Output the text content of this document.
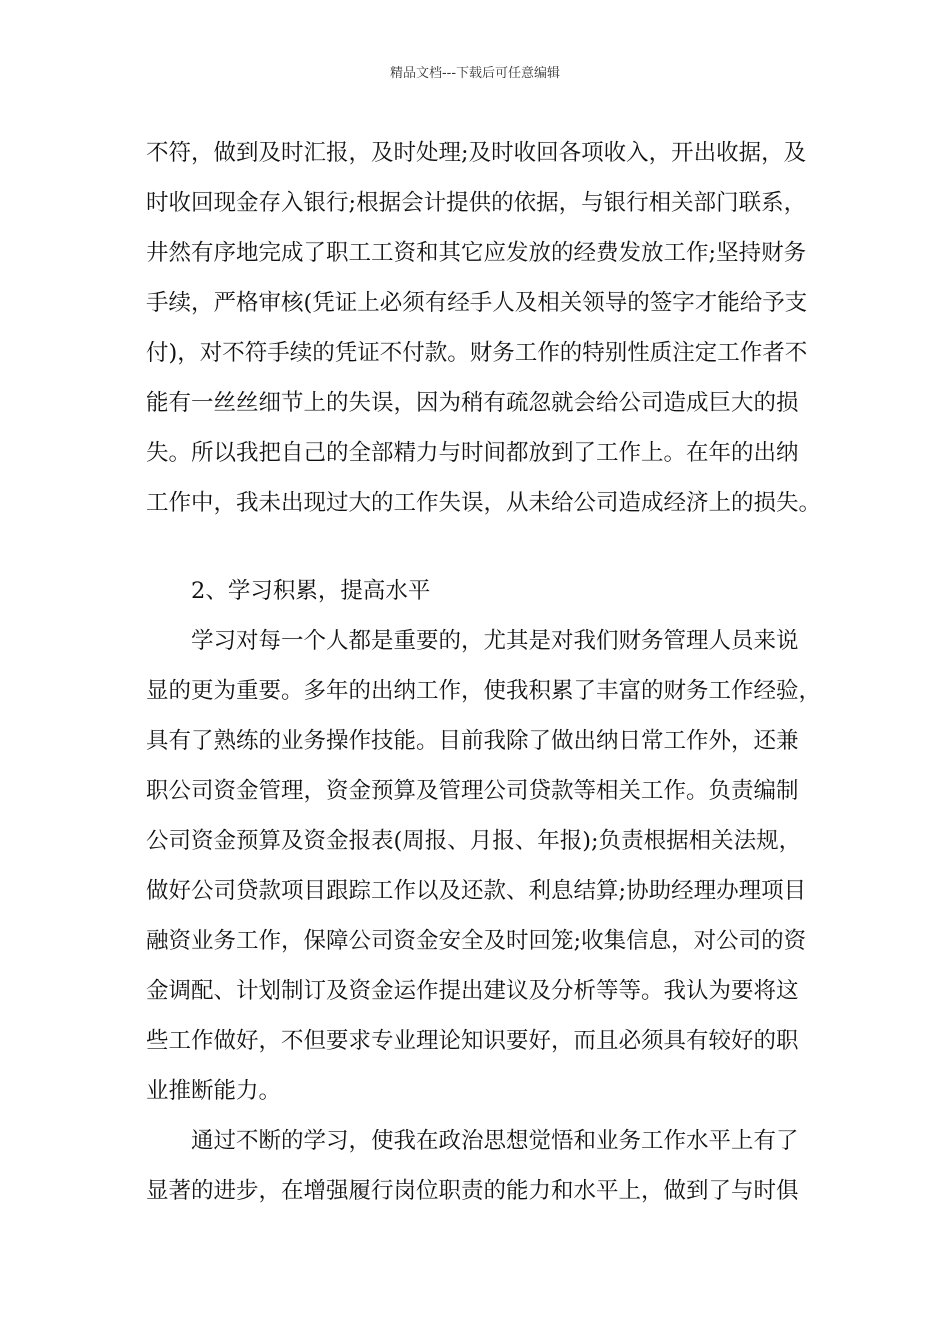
精品文档---下载后可任意编辑
不符，做到及时汇报，及时处理;及时收回各项收入，开出收据，及
时收回现金存入银行;根据会计提供的依据，与银行相关部门联系，
井然有序地完成了职工工资和其它应发放的经费发放工作;坚持财务
手续，严格审核(凭证上必须有经手人及相关领导的签字才能给予支
付)，对不符手续的凭证不付款。财务工作的特别性质注定工作者不
能有一丝丝细节上的失误，因为稍有疏忽就会给公司造成巨大的损
失。所以我把自己的全部精力与时间都放到了工作上。在年的出纳
工作中，我未出现过大的工作失误，从未给公司造成经济上的损失。
2、学习积累，提高水平
学习对每一个人都是重要的，尤其是对我们财务管理人员来说
显的更为重要。多年的出纳工作，使我积累了丰富的财务工作经验，
具有了熟练的业务操作技能。目前我除了做出纳日常工作外，还兼
职公司资金管理，资金预算及管理公司贷款等相关工作。负责编制
公司资金预算及资金报表(周报、月报、年报);负责根据相关法规，
做好公司贷款项目跟踪工作以及还款、利息结算;协助经理办理项目
融资业务工作，保障公司资金安全及时回笼;收集信息，对公司的资
金调配、计划制订及资金运作提出建议及分析等等。我认为要将这
些工作做好，不但要求专业理论知识要好，而且必须具有较好的职
业推断能力。
通过不断的学习，使我在政治思想觉悟和业务工作水平上有了
显著的进步，在增强履行岗位职责的能力和水平上，做到了与时俱
